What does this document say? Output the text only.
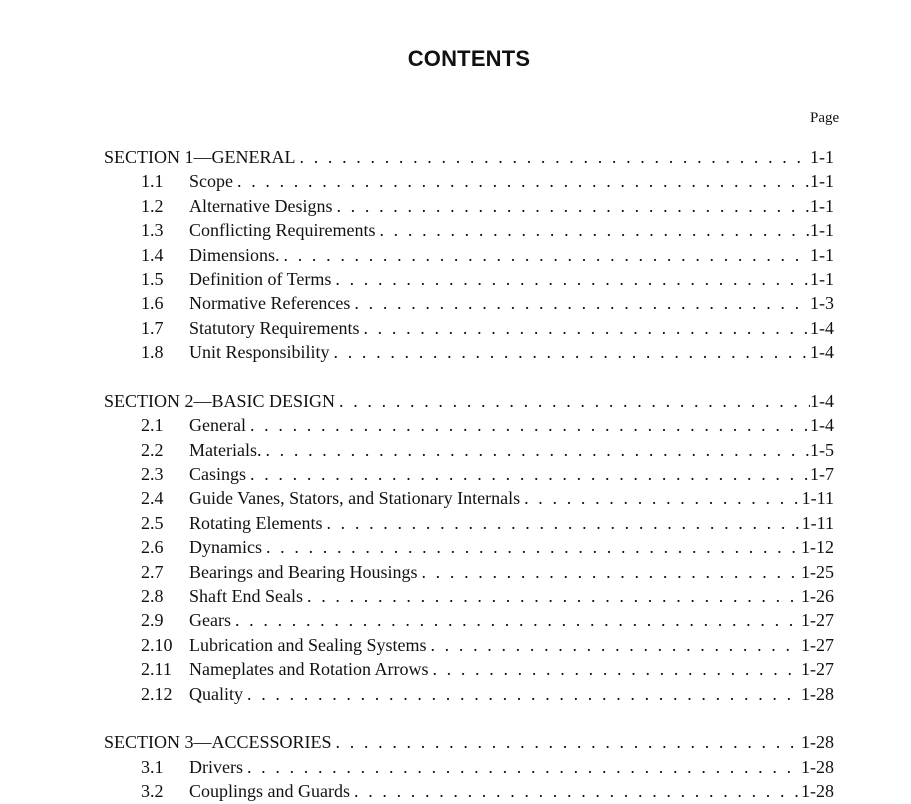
CONTENTS
Page
SECTION 1—GENERAL . . .	1-1
1.1	Scope . . .	1-1
1.2	Alternative Designs . . .	1-1
1.3	Conflicting Requirements . . .	1-1
1.4	Dimensions. . . .	1-1
1.5	Definition of Terms . . .	1-1
1.6	Normative References . . .	1-3
1.7	Statutory Requirements . . .	1-4
1.8	Unit Responsibility . . .	1-4
SECTION 2—BASIC DESIGN . . .	1-4
2.1	General . . .	1-4
2.2	Materials. . . .	1-5
2.3	Casings . . .	1-7
2.4	Guide Vanes, Stators, and Stationary Internals . . .	1-11
2.5	Rotating Elements . . .	1-11
2.6	Dynamics . . .	1-12
2.7	Bearings and Bearing Housings . . .	1-25
2.8	Shaft End Seals . . .	1-26
2.9	Gears . . .	1-27
2.10 Lubrication and Sealing Systems . . .	1-27
2.11 Nameplates and Rotation Arrows . . .	1-27
2.12 Quality . . .	1-28
SECTION 3—ACCESSORIES . . .	1-28
3.1	Drivers . . .	1-28
3.2	Couplings and Guards . . .	1-28
